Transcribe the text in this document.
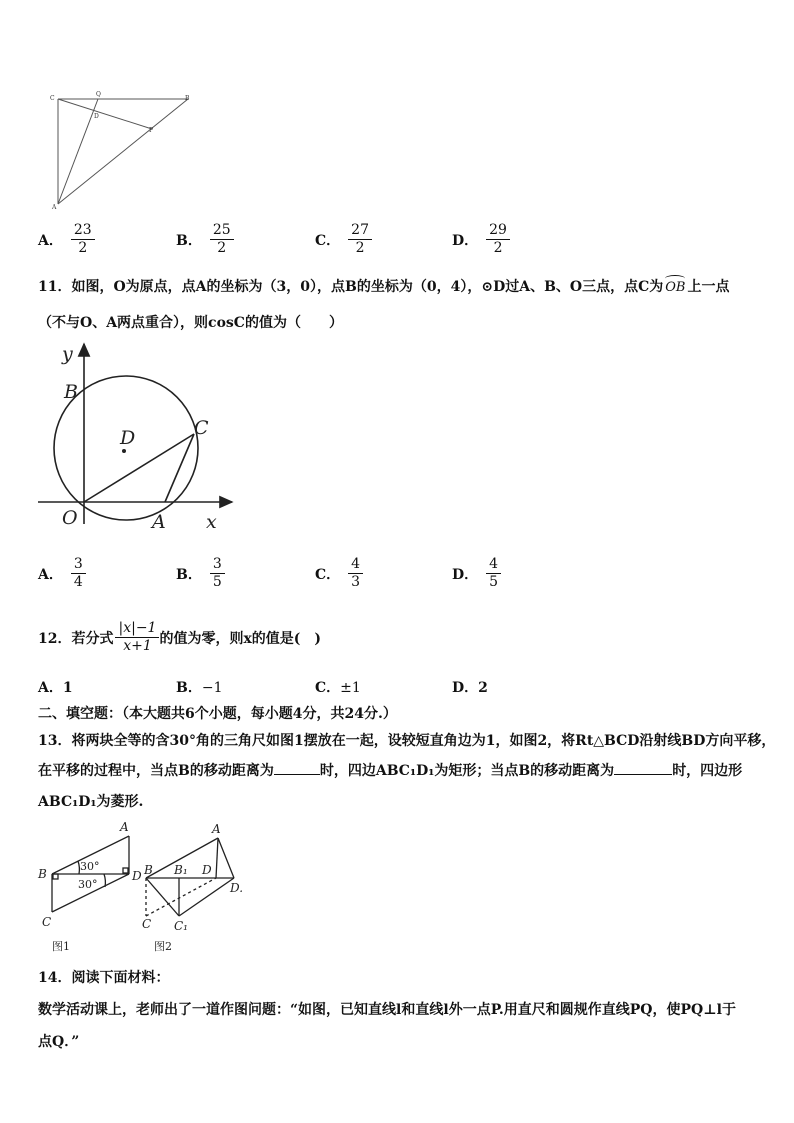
C
Q
B
D
P
A
A． $\frac{23}{2}$	B． $\frac{25}{2}$	C． $\frac{27}{2}$	D． $\frac{29}{2}$
11．如图，O为原点，点A的坐标为（3，0），点B的坐标为（0，4），⊙D过A、B、O三点，点C为 OB 上一点
（不与O、A两点重合），则cosC的值为（　　）
y
B
D	C
O	A x
A． $\frac{3}{4}$	B． $\frac{3}{5}$	C． $\frac{4}{3}$	D． $\frac{4}{5}$
12．若分式 $\frac{|x|-1}{x+1}$ 的值为零，则x的值是(　)
A．1	B．−1	C．±1	D．2
二、填空题：（本大题共6个小题，每小题4分，共24分.）
13．将两块全等的含30°角的三角尺如图1摆放在一起，设较短直角边为1，如图2，将Rt△BCD沿射线BD方向平移，
在平移的过程中，当点B的移动距离为	时，四边ABC₁D₁为矩形；当点B的移动距离为	时，四边形
ABC₁D₁为菱形.
A
B	D
C
30°
30°
图1
A
B B₁ D
D.
C C₁
图2
14．阅读下面材料：
数学活动课上，老师出了一道作图问题：“如图，已知直线l和直线l外一点P.用直尺和圆规作直线PQ，使PQ⊥l于
点Q．”
